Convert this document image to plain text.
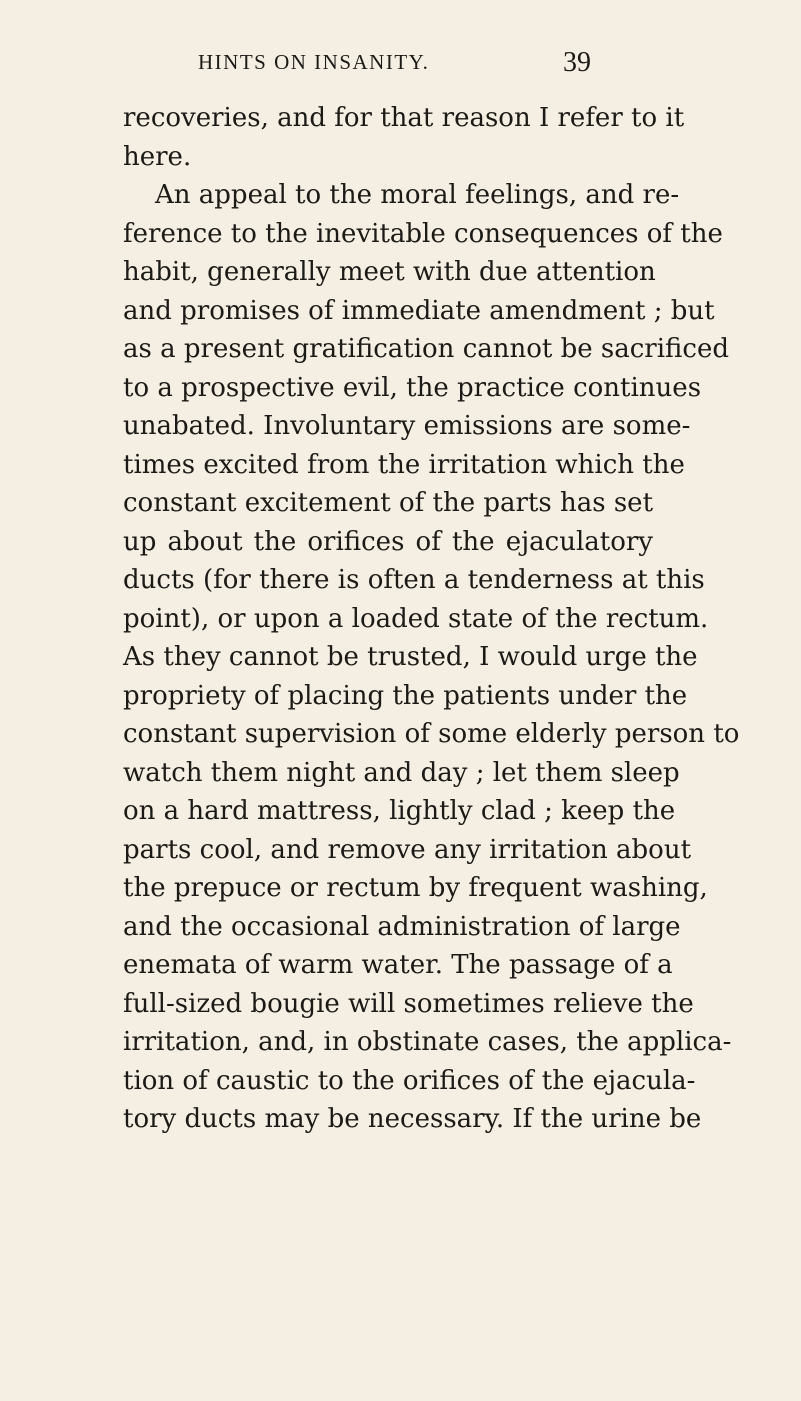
HINTS ON INSANITY.	39
recoveries, and for that reason I refer to it
here.
An appeal to the moral feelings, and re-
ference to the inevitable consequences of the
habit, generally meet with due attention
and promises of immediate amendment ; but
as a present gratification cannot be sacrificed
to a prospective evil, the practice continues
unabated. Involuntary emissions are some-
times excited from the irritation which the
constant excitement of the parts has set
up about the orifices of the ejaculatory
ducts (for there is often a tenderness at this
point), or upon a loaded state of the rectum.
As they cannot be trusted, I would urge the
propriety of placing the patients under the
constant supervision of some elderly person to
watch them night and day ; let them sleep
on a hard mattress, lightly clad ; keep the
parts cool, and remove any irritation about
the prepuce or rectum by frequent washing,
and the occasional administration of large
enemata of warm water. The passage of a
full-sized bougie will sometimes relieve the
irritation, and, in obstinate cases, the applica-
tion of caustic to the orifices of the ejacula-
tory ducts may be necessary. If the urine be
